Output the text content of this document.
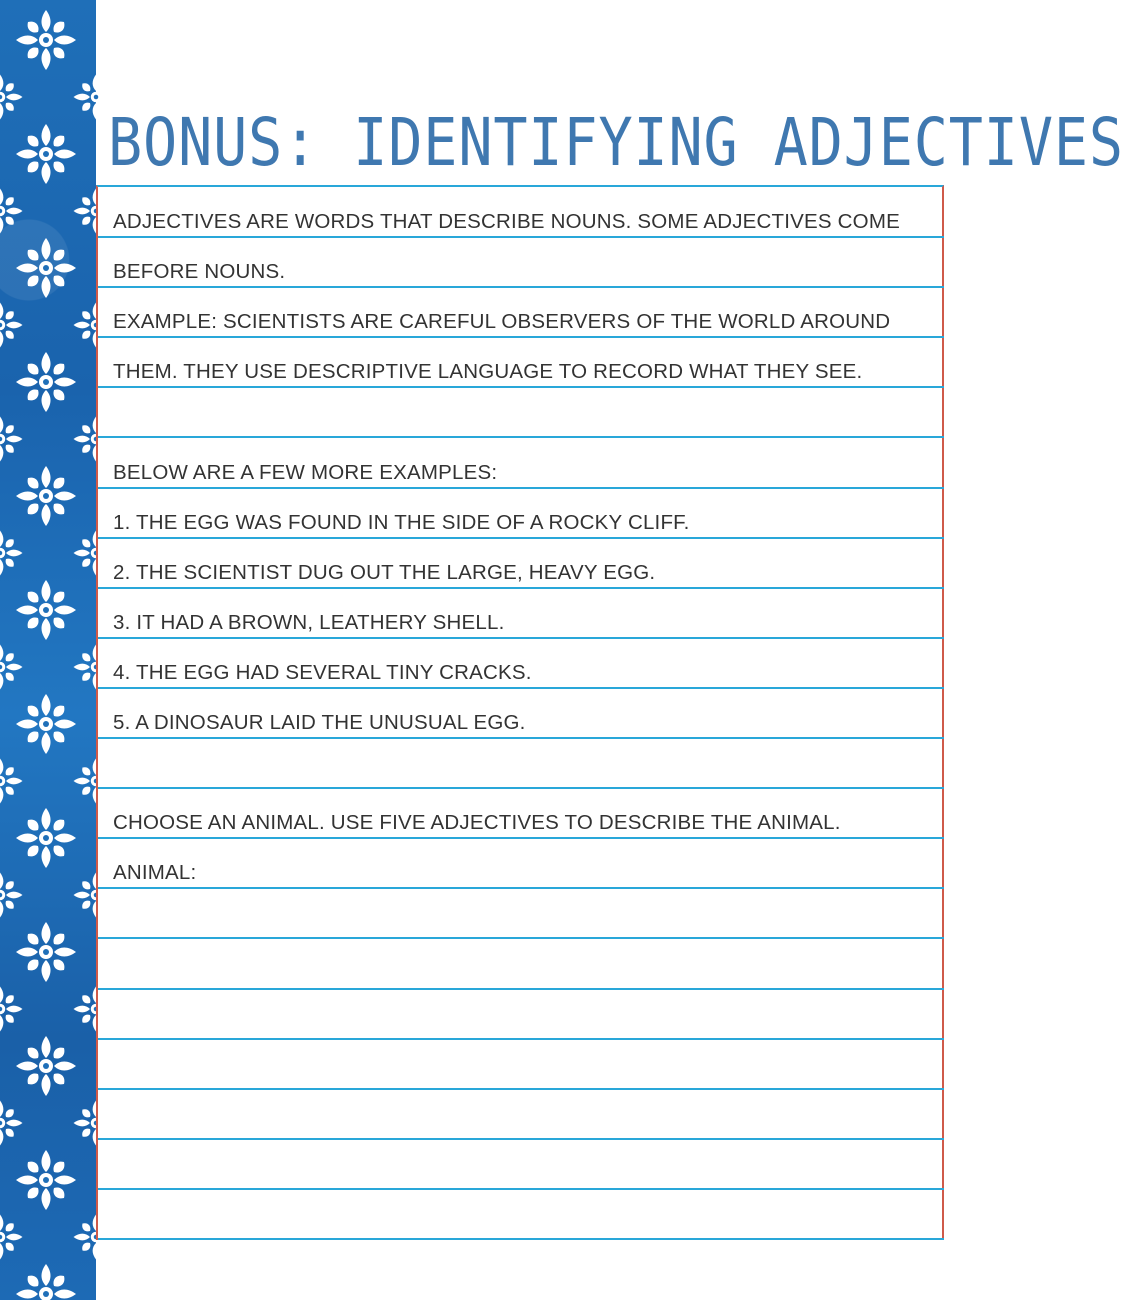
BONUS: IDENTIFYING ADJECTIVES
ADJECTIVES ARE WORDS THAT DESCRIBE NOUNS. SOME ADJECTIVES COME
BEFORE NOUNS.
EXAMPLE: SCIENTISTS ARE CAREFUL OBSERVERS OF THE WORLD AROUND
THEM. THEY USE DESCRIPTIVE LANGUAGE TO RECORD WHAT THEY SEE.
BELOW ARE A FEW MORE EXAMPLES:
1. THE EGG WAS FOUND IN THE SIDE OF A ROCKY CLIFF.
2. THE SCIENTIST DUG OUT THE LARGE, HEAVY EGG.
3. IT HAD A BROWN, LEATHERY SHELL.
4. THE EGG HAD SEVERAL TINY CRACKS.
5. A DINOSAUR LAID THE UNUSUAL EGG.
CHOOSE AN ANIMAL. USE FIVE ADJECTIVES TO DESCRIBE THE ANIMAL.
ANIMAL:
